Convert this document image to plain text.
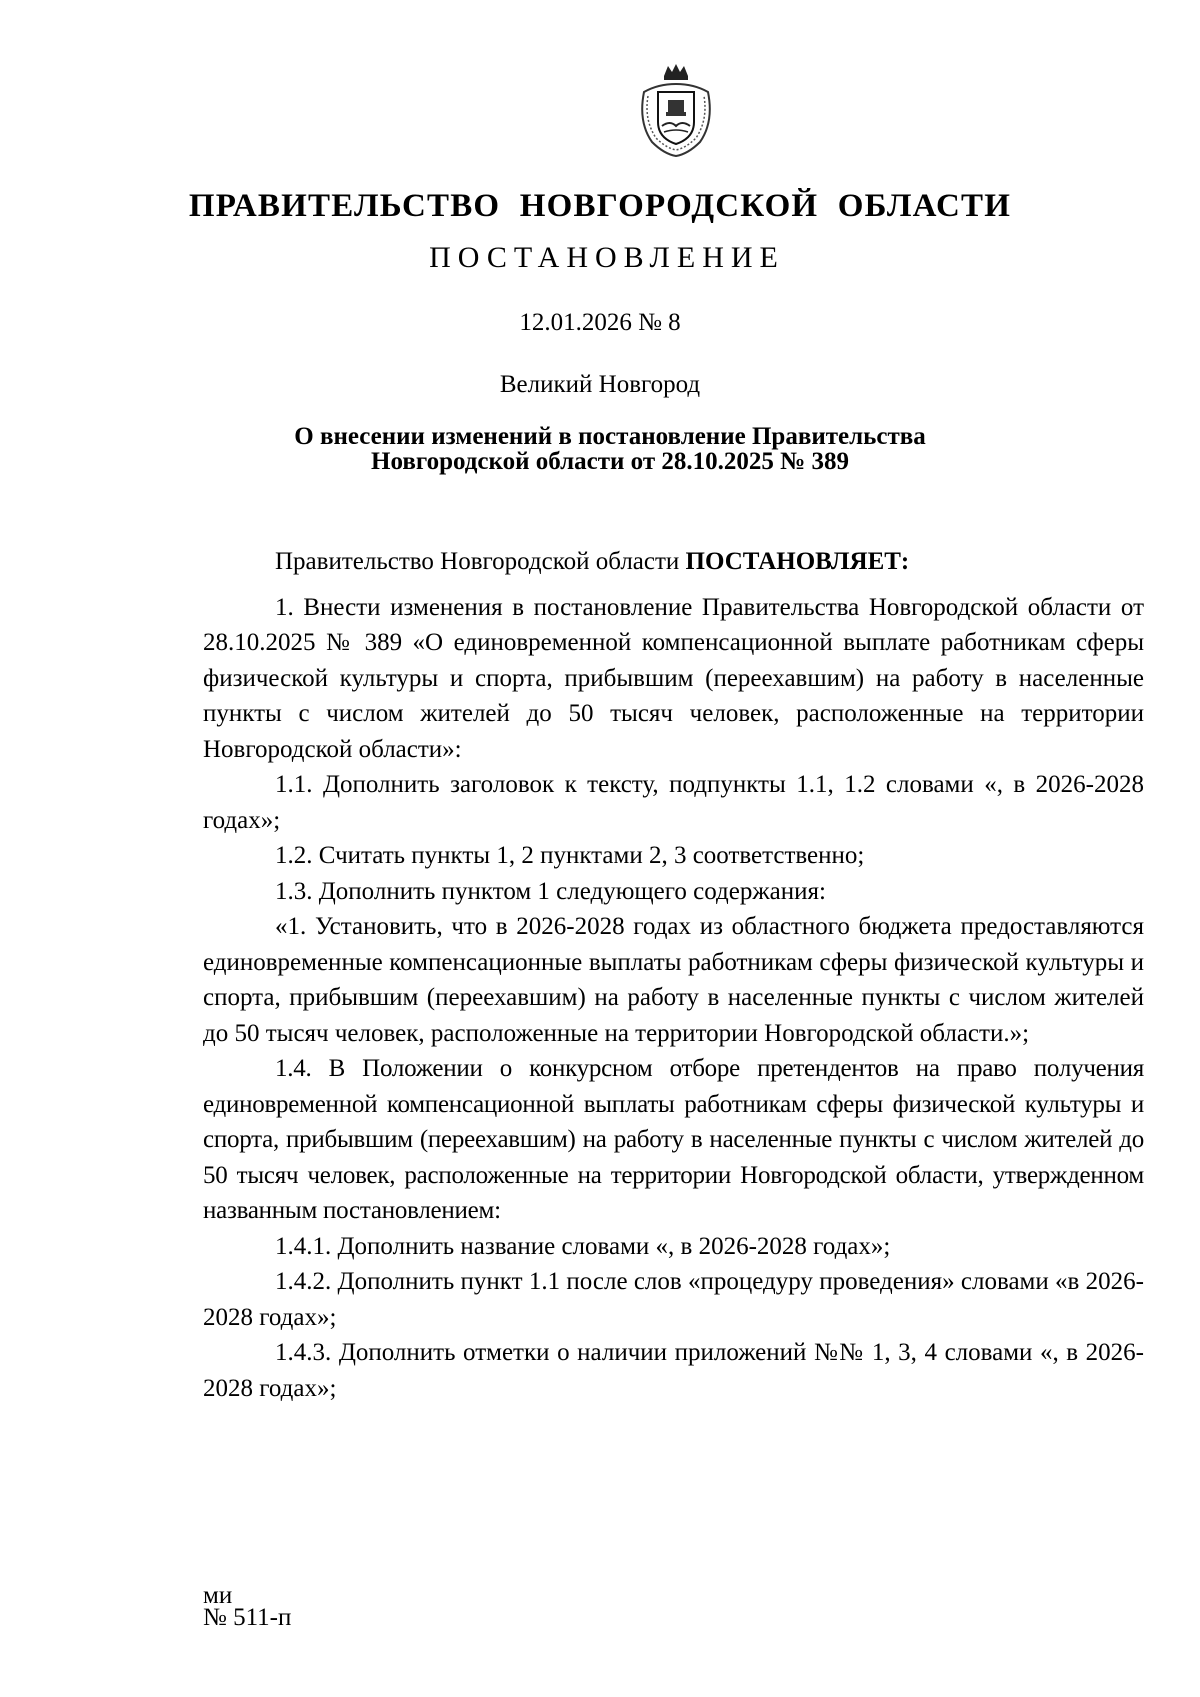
ПРАВИТЕЛЬСТВО НОВГОРОДСКОЙ ОБЛАСТИ
ПОСТАНОВЛЕНИЕ
12.01.2026 № 8
Великий Новгород
О внесении изменений в постановление Правительства
Новгородской области от 28.10.2025 № 389

Правительство Новгородской области ПОСТАНОВЛЯЕТ:

1. Внести изменения в постановление Правительства Новгородской области от 28.10.2025 № 389 «О единовременной компенсационной выплате работникам сферы физической культуры и спорта, прибывшим (переехавшим) на работу в населенные пункты с числом жителей до 50 тысяч человек, расположенные на территории Новгородской области»:

1.1. Дополнить заголовок к тексту, подпункты 1.1, 1.2 словами «, в 2026-2028 годах»;

1.2. Считать пункты 1, 2 пунктами 2, 3 соответственно;

1.3. Дополнить пунктом 1 следующего содержания:

«1. Установить, что в 2026-2028 годах из областного бюджета предоставляются единовременные компенсационные выплаты работникам сферы физической культуры и спорта, прибывшим (переехавшим) на работу в населенные пункты с числом жителей до 50 тысяч человек, расположенные на территории Новгородской области.»;

1.4. В Положении о конкурсном отборе претендентов на право получения единовременной компенсационной выплаты работникам сферы физической культуры и спорта, прибывшим (переехавшим) на работу в населенные пункты с числом жителей до 50 тысяч человек, расположенные на территории Новгородской области, утвержденном названным постановлением:

1.4.1. Дополнить название словами «, в 2026-2028 годах»;

1.4.2. Дополнить пункт 1.1 после слов «процедуру проведения» словами «в 2026-2028 годах»;

1.4.3. Дополнить отметки о наличии приложений №№ 1, 3, 4 словами «, в 2026-2028 годах»;

ми
№ 511-п
